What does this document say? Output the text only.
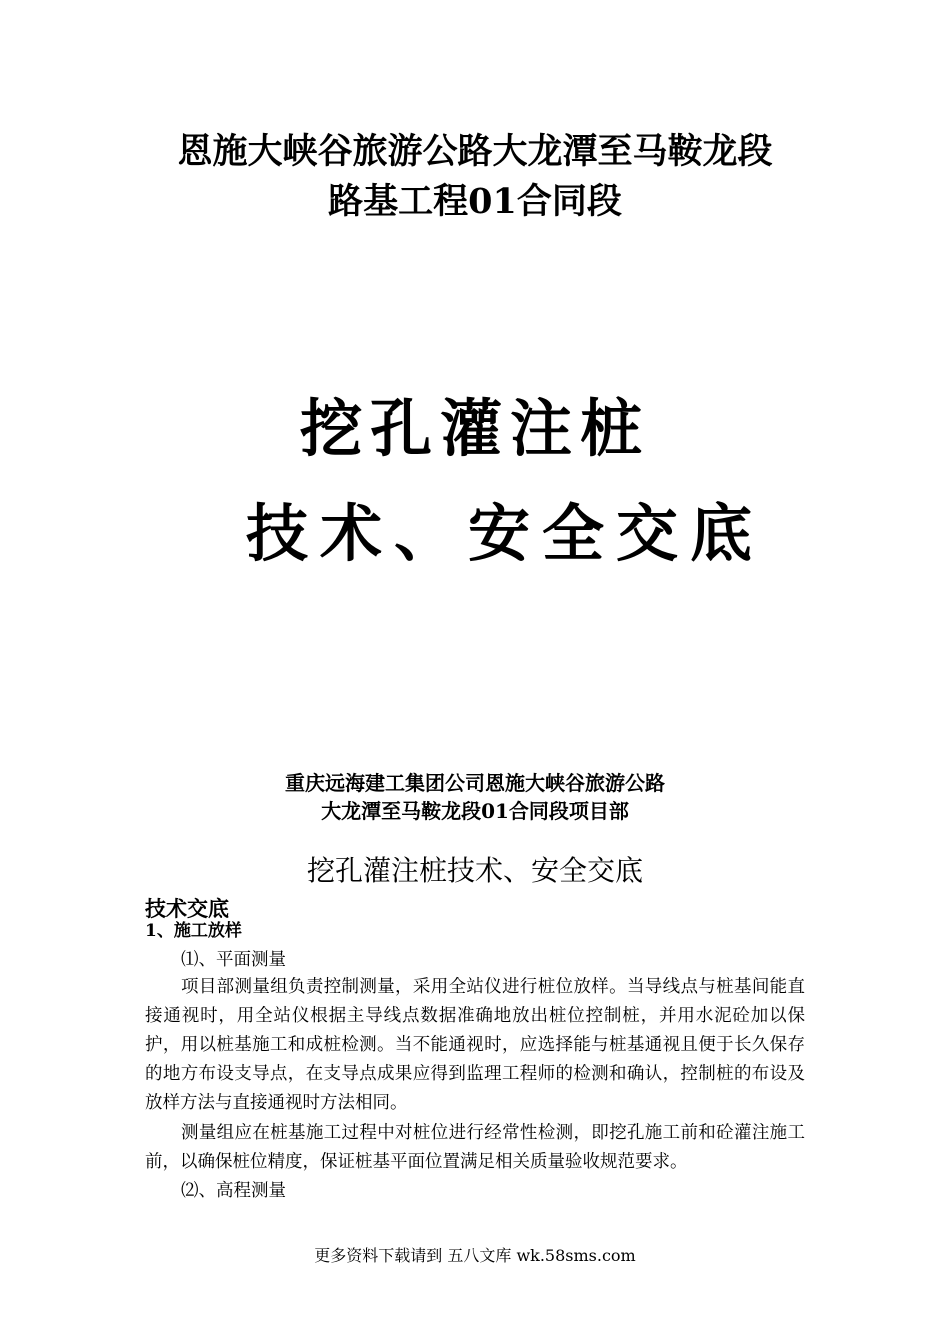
恩施大峡谷旅游公路大龙潭至马鞍龙段
路基工程01合同段
挖孔灌注桩
技术、安全交底
重庆远海建工集团公司恩施大峡谷旅游公路
大龙潭至马鞍龙段01合同段项目部
挖孔灌注桩技术、安全交底
技术交底
1、施工放样
⑴、平面测量
项目部测量组负责控制测量，采用全站仪进行桩位放样。当导线点与桩基间能直接通视时，用全站仪根据主导线点数据准确地放出桩位控制桩，并用水泥砼加以保护，用以桩基施工和成桩检测。当不能通视时，应选择能与桩基通视且便于长久保存的地方布设支导点，在支导点成果应得到监理工程师的检测和确认，控制桩的布设及放样方法与直接通视时方法相同。
测量组应在桩基施工过程中对桩位进行经常性检测，即挖孔施工前和砼灌注施工前，以确保桩位精度，保证桩基平面位置满足相关质量验收规范要求。
⑵、高程测量
更多资料下载请到 五八文库 wk.58sms.com
